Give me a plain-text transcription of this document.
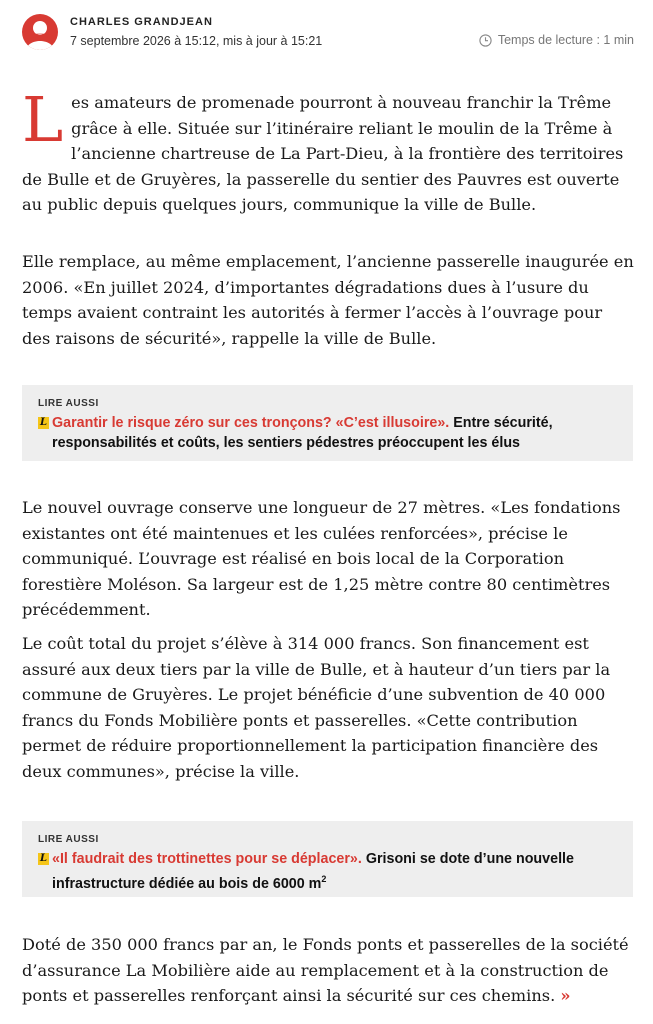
CHARLES GRANDJEAN
7 septembre 2026 à 15:12, mis à jour à 15:21	Temps de lecture : 1 min

Les amateurs de promenade pourront à nouveau franchir la Trême grâce à elle. Située sur l’itinéraire reliant le moulin de la Trême à l’ancienne chartreuse de La Part-Dieu, à la frontière des territoires de Bulle et de Gruyères, la passerelle du sentier des Pauvres est ouverte au public depuis quelques jours, communique la ville de Bulle.

Elle remplace, au même emplacement, l’ancienne passerelle inaugurée en 2006. «En juillet 2024, d’importantes dégradations dues à l’usure du temps avaient contraint les autorités à fermer l’accès à l’ouvrage pour des raisons de sécurité», rappelle la ville de Bulle.

LIRE AUSSI
L Garantir le risque zéro sur ces tronçons? «C’est illusoire». Entre sécurité, responsabilités et coûts, les sentiers pédestres préoccupent les élus

Le nouvel ouvrage conserve une longueur de 27 mètres. «Les fondations existantes ont été maintenues et les culées renforcées», précise le communiqué. L’ouvrage est réalisé en bois local de la Corporation forestière Moléson. Sa largeur est de 1,25 mètre contre 80 centimètres précédemment.

Le coût total du projet s’élève à 314 000 francs. Son financement est assuré aux deux tiers par la ville de Bulle, et à hauteur d’un tiers par la commune de Gruyères. Le projet bénéficie d’une subvention de 40 000 francs du Fonds Mobilière ponts et passerelles. «Cette contribution permet de réduire proportionnellement la participation financière des deux communes», précise la ville.

LIRE AUSSI
L «Il faudrait des trottinettes pour se déplacer». Grisoni se dote d’une nouvelle infrastructure dédiée au bois de 6000 $m^2$

Doté de 350 000 francs par an, le Fonds ponts et passerelles de la société d’assurance La Mobilière aide au remplacement et à la construction de ponts et passerelles renforçant ainsi la sécurité sur ces chemins. »
